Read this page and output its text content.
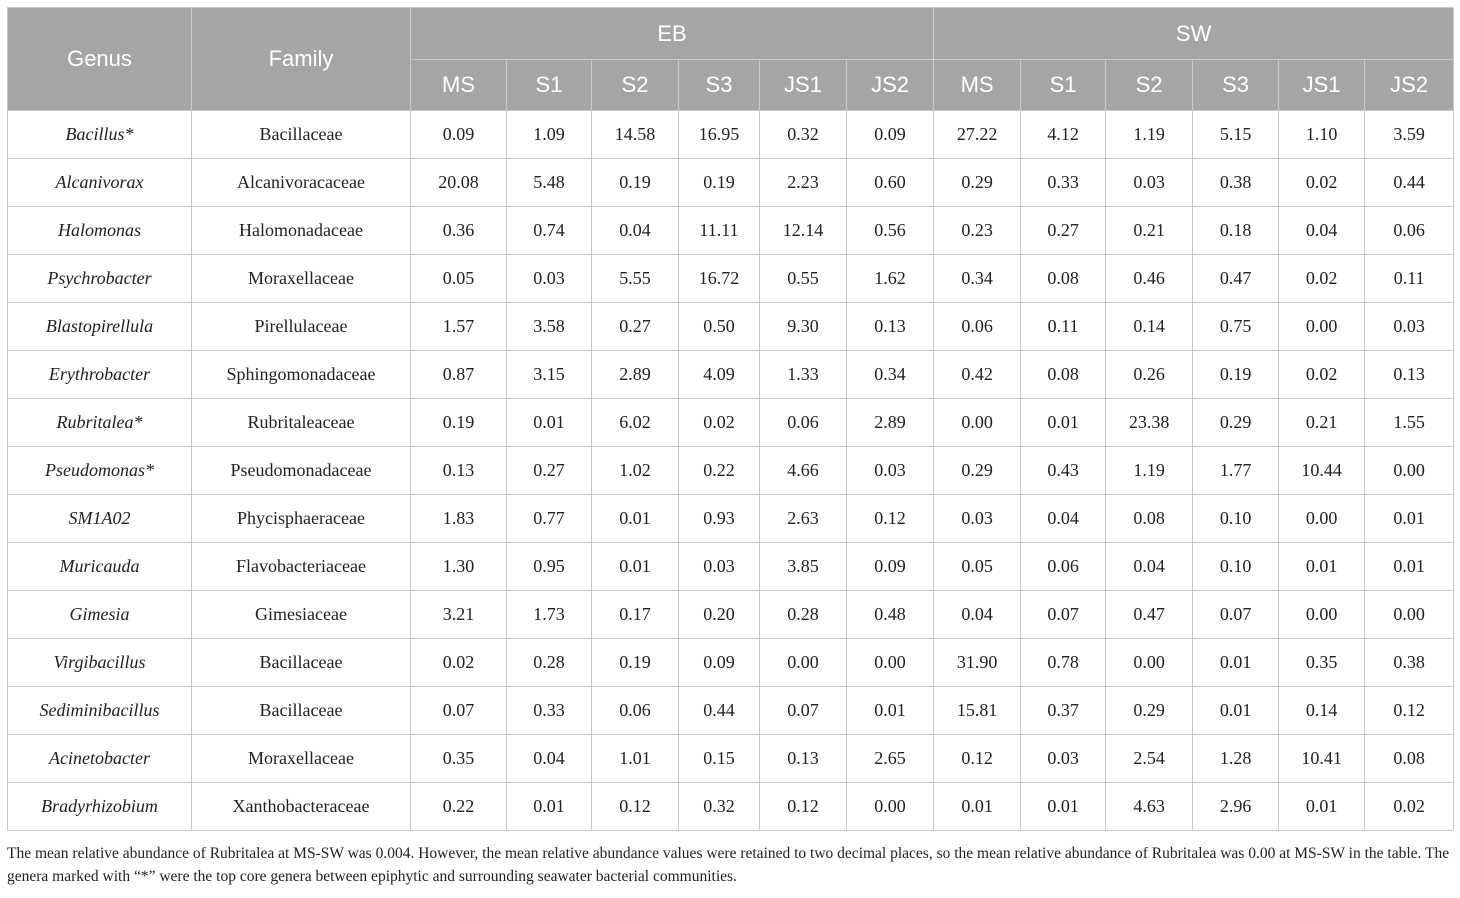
Genus	Family	EB						SW					
		MS	S1	S2	S3	JS1	JS2	MS	S1	S2	S3	JS1	JS2
Bacillus*	Bacillaceae	0.09	1.09	14.58	16.95	0.32	0.09	27.22	4.12	1.19	5.15	1.10	3.59
Alcanivorax	Alcanivoracaceae	20.08	5.48	0.19	0.19	2.23	0.60	0.29	0.33	0.03	0.38	0.02	0.44
Halomonas	Halomonadaceae	0.36	0.74	0.04	11.11	12.14	0.56	0.23	0.27	0.21	0.18	0.04	0.06
Psychrobacter	Moraxellaceae	0.05	0.03	5.55	16.72	0.55	1.62	0.34	0.08	0.46	0.47	0.02	0.11
Blastopirellula	Pirellulaceae	1.57	3.58	0.27	0.50	9.30	0.13	0.06	0.11	0.14	0.75	0.00	0.03
Erythrobacter	Sphingomonadaceae	0.87	3.15	2.89	4.09	1.33	0.34	0.42	0.08	0.26	0.19	0.02	0.13
Rubritalea*	Rubritaleaceae	0.19	0.01	6.02	0.02	0.06	2.89	0.00	0.01	23.38	0.29	0.21	1.55
Pseudomonas*	Pseudomonadaceae	0.13	0.27	1.02	0.22	4.66	0.03	0.29	0.43	1.19	1.77	10.44	0.00
SM1A02	Phycisphaeraceae	1.83	0.77	0.01	0.93	2.63	0.12	0.03	0.04	0.08	0.10	0.00	0.01
Muricauda	Flavobacteriaceae	1.30	0.95	0.01	0.03	3.85	0.09	0.05	0.06	0.04	0.10	0.01	0.01
Gimesia	Gimesiaceae	3.21	1.73	0.17	0.20	0.28	0.48	0.04	0.07	0.47	0.07	0.00	0.00
Virgibacillus	Bacillaceae	0.02	0.28	0.19	0.09	0.00	0.00	31.90	0.78	0.00	0.01	0.35	0.38
Sediminibacillus	Bacillaceae	0.07	0.33	0.06	0.44	0.07	0.01	15.81	0.37	0.29	0.01	0.14	0.12
Acinetobacter	Moraxellaceae	0.35	0.04	1.01	0.15	0.13	2.65	0.12	0.03	2.54	1.28	10.41	0.08
Bradyrhizobium	Xanthobacteraceae	0.22	0.01	0.12	0.32	0.12	0.00	0.01	0.01	4.63	2.96	0.01	0.02
The mean relative abundance of Rubritalea at MS-SW was 0.004. However, the mean relative abundance values were retained to two decimal places, so the mean relative abundance of Rubritalea was 0.00 at MS-SW in the table. The genera marked with “*” were the top core genera between epiphytic and surrounding seawater bacterial communities.
